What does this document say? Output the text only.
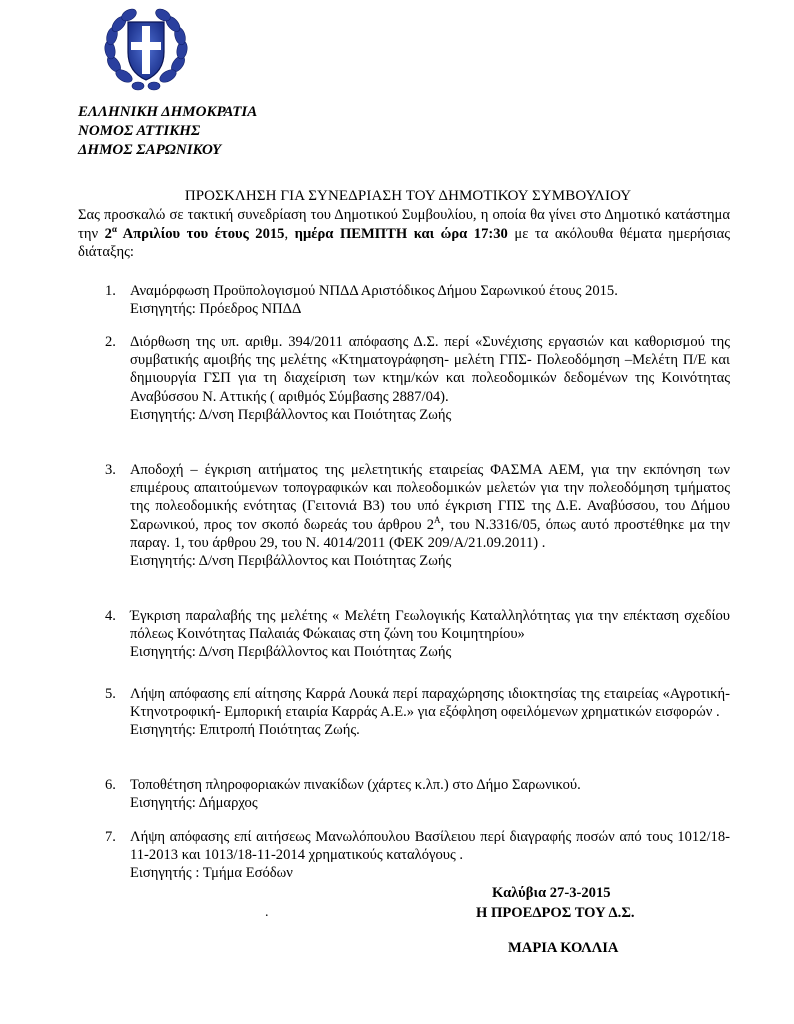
ΕΛΛΗΝΙΚΗ ΔΗΜΟΚΡΑΤΙΑ
ΝΟΜΟΣ ΑΤΤΙΚΗΣ
ΔΗΜΟΣ ΣΑΡΩΝΙΚΟΥ
ΠΡΟΣΚΛΗΣΗ ΓΙΑ ΣΥΝΕΔΡΙΑΣΗ ΤΟΥ ΔΗΜΟΤΙΚΟΥ ΣΥΜΒΟΥΛΙΟΥ
Σας προσκαλώ σε τακτική συνεδρίαση του Δημοτικού Συμβουλίου, η οποία θα γίνει στο Δημοτικό κατάστημα την $2^\alpha$ Απριλίου του έτους 2015, ημέρα ΠΕΜΠΤΗ και ώρα 17:30 με τα ακόλουθα θέματα ημερήσιας διάταξης:
1. Αναμόρφωση Προϋπολογισμού ΝΠΔΔ Αριστόδικος Δήμου Σαρωνικού έτους 2015.

Εισηγητής: Πρόεδρος ΝΠΔΔ
2. Διόρθωση της υπ. αριθμ. 394/2011 απόφασης Δ.Σ. περί «Συνέχισης εργασιών και καθορισμού της συμβατικής αμοιβής της μελέτης «Κτηματογράφηση- μελέτη ΓΠΣ- Πολεοδόμηση –Μελέτη Π/Ε και δημιουργία ΓΣΠ για τη διαχείριση των κτημ/κών και πολεοδομικών δεδομένων της Κοινότητας Αναβύσσου Ν. Αττικής ( αριθμός Σύμβασης 2887/04).

Εισηγητής: Δ/νση Περιβάλλοντος και Ποιότητας Ζωής
3. Αποδοχή – έγκριση αιτήματος της μελετητικής εταιρείας ΦΑΣΜΑ ΑΕΜ, για την εκπόνηση των επιμέρους απαιτούμενων τοπογραφικών και πολεοδομικών μελετών για την πολεοδόμηση τμήματος της πολεοδομικής ενότητας (Γειτονιά Β3) του υπό έγκριση ΓΠΣ της Δ.Ε. Αναβύσσου, του Δήμου Σαρωνικού, προς τον σκοπό δωρεάς του άρθρου $2^A$, του Ν.3316/05, όπως αυτό προστέθηκε μα την παραγ. 1, του άρθρου 29, του Ν. 4014/2011 (ΦΕΚ 209/Α/21.09.2011) .

Εισηγητής: Δ/νση Περιβάλλοντος και Ποιότητας Ζωής
4. Έγκριση παραλαβής της μελέτης « Μελέτη Γεωλογικής Καταλληλότητας για την επέκταση σχεδίου πόλεως Κοινότητας Παλαιάς Φώκαιας στη ζώνη του Κοιμητηρίου»

Εισηγητής: Δ/νση Περιβάλλοντος και Ποιότητας Ζωής
5. Λήψη απόφασης επί αίτησης Καρρά Λουκά περί παραχώρησης ιδιοκτησίας της εταιρείας «Αγροτική- Κτηνοτροφική- Εμπορική εταιρία Καρράς Α.Ε.» για εξόφληση οφειλόμενων χρηματικών εισφορών .

Εισηγητής: Επιτροπή Ποιότητας Ζωής.
6. Τοποθέτηση πληροφοριακών πινακίδων (χάρτες κ.λπ.) στο Δήμο Σαρωνικού.

Εισηγητής: Δήμαρχος
7. Λήψη απόφασης επί αιτήσεως Μανωλόπουλου Βασίλειου περί διαγραφής ποσών από τους 1012/18-11-2013 και 1013/18-11-2014 χρηματικούς καταλόγους .

Εισηγητής : Τμήμα Εσόδων
Καλύβια 27-3-2015
.	Η ΠΡΟΕΔΡΟΣ ΤΟΥ Δ.Σ.
ΜΑΡΙΑ ΚΟΛΛΙΑ
